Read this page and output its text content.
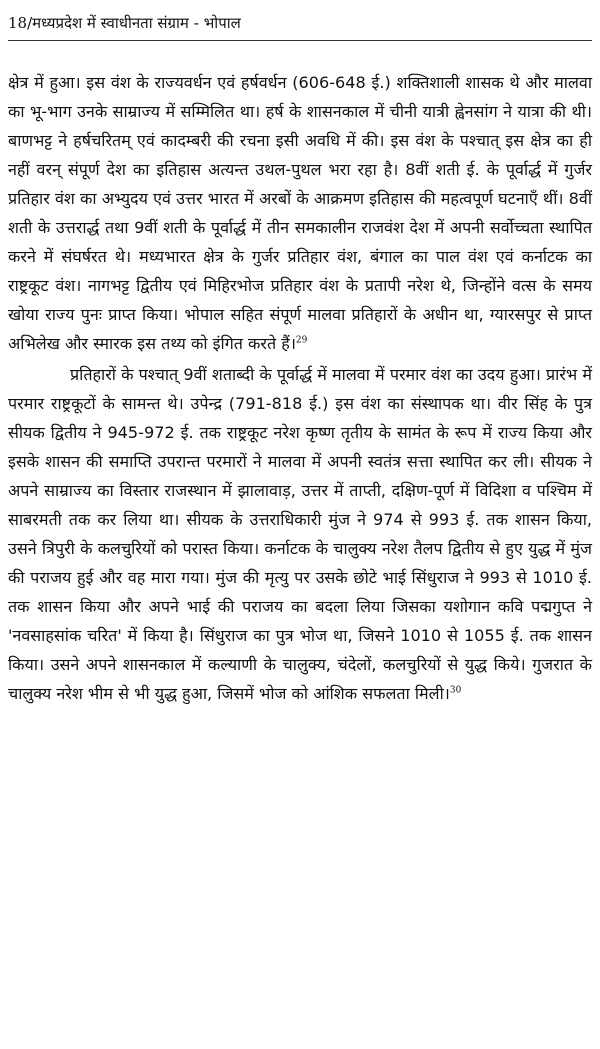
18/मध्यप्रदेश में स्वाधीनता संग्राम - भोपाल

क्षेत्र में हुआ। इस वंश के राज्यवर्धन एवं हर्षवर्धन (606-648 ई.) शक्तिशाली शासक थे और मालवा का भू-भाग उनके साम्राज्य में सम्मिलित था। हर्ष के शासनकाल में चीनी यात्री ह्वेनसांग ने यात्रा की थी। बाणभट्ट ने हर्षचरितम् एवं कादम्बरी की रचना इसी अवधि में की। इस वंश के पश्चात् इस क्षेत्र का ही नहीं वरन् संपूर्ण देश का इतिहास अत्यन्त उथल-पुथल भरा रहा है। 8वीं शती ई. के पूर्वार्द्ध में गुर्जर प्रतिहार वंश का अभ्युदय एवं उत्तर भारत में अरबों के आक्रमण इतिहास की महत्वपूर्ण घटनाएँ थीं। 8वीं शती के उत्तरार्द्ध तथा 9वीं शती के पूर्वार्द्ध में तीन समकालीन राजवंश देश में अपनी सर्वोच्चता स्थापित करने में संघर्षरत थे। मध्यभारत क्षेत्र के गुर्जर प्रतिहार वंश, बंगाल का पाल वंश एवं कर्नाटक का राष्ट्रकूट वंश। नागभट्ट द्वितीय एवं मिहिरभोज प्रतिहार वंश के प्रतापी नरेश थे, जिन्होंने वत्स के समय खोया राज्य पुनः प्राप्त किया। भोपाल सहित संपूर्ण मालवा प्रतिहारों के अधीन था, ग्यारसपुर से प्राप्त अभिलेख और स्मारक इस तथ्य को इंगित करते हैं।$^{29}$

प्रतिहारों के पश्चात् 9वीं शताब्दी के पूर्वार्द्ध में मालवा में परमार वंश का उदय हुआ। प्रारंभ में परमार राष्ट्रकूटों के सामन्त थे। उपेन्द्र (791-818 ई.) इस वंश का संस्थापक था। वीर सिंह के पुत्र सीयक द्वितीय ने 945-972 ई. तक राष्ट्रकूट नरेश कृष्ण तृतीय के सामंत के रूप में राज्य किया और इसके शासन की समाप्ति उपरान्त परमारों ने मालवा में अपनी स्वतंत्र सत्ता स्थापित कर ली। सीयक ने अपने साम्राज्य का विस्तार राजस्थान में झालावाड़, उत्तर में ताप्ती, दक्षिण-पूर्ण में विदिशा व पश्चिम में साबरमती तक कर लिया था। सीयक के उत्तराधिकारी मुंज ने 974 से 993 ई. तक शासन किया, उसने त्रिपुरी के कलचुरियों को परास्त किया। कर्नाटक के चालुक्य नरेश तैलप द्वितीय से हुए युद्ध में मुंज की पराजय हुई और वह मारा गया। मुंज की मृत्यु पर उसके छोटे भाई सिंधुराज ने 993 से 1010 ई. तक शासन किया और अपने भाई की पराजय का बदला लिया जिसका यशोगान कवि पद्मगुप्त ने 'नवसाहसांक चरित' में किया है। सिंधुराज का पुत्र भोज था, जिसने 1010 से 1055 ई. तक शासन किया। उसने अपने शासनकाल में कल्याणी के चालुक्य, चंदेलों, कलचुरियों से युद्ध किये। गुजरात के चालुक्य नरेश भीम से भी युद्ध हुआ, जिसमें भोज को आंशिक सफलता मिली।$^{30}$
